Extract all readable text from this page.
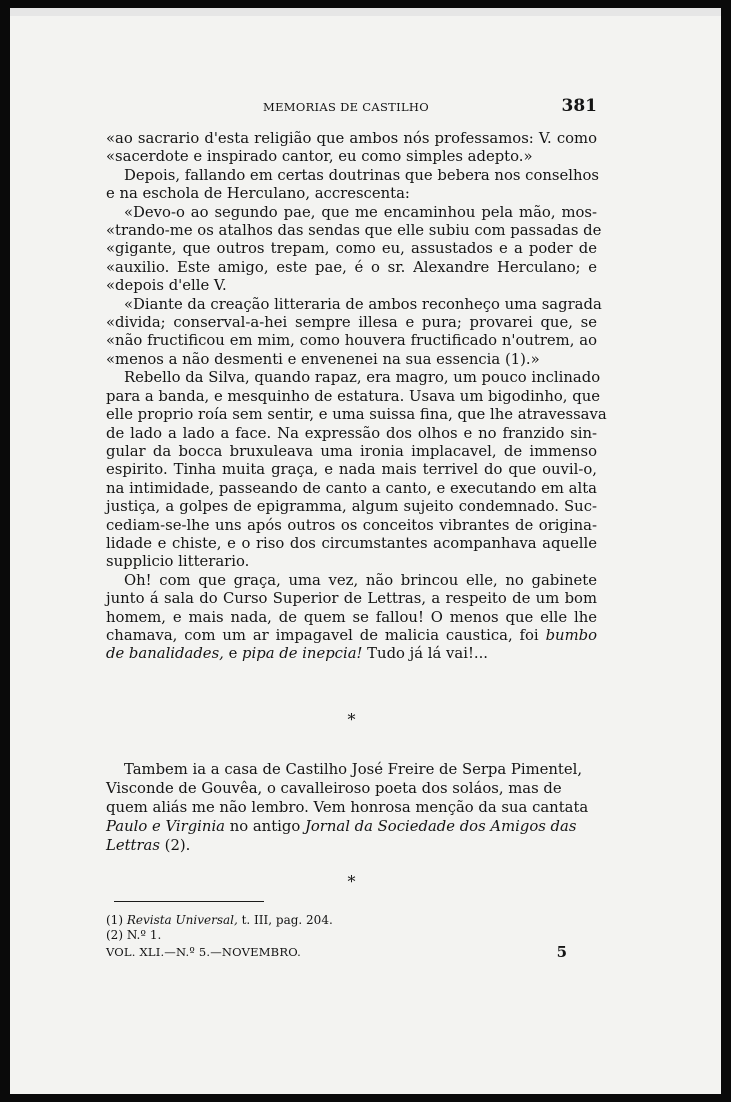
MEMORIAS DE CASTILHO	381
«ao sacrario d'esta religião que ambos nós professamos: V. como
«sacerdote e inspirado cantor, eu como simples adepto.»
Depois, fallando em certas doutrinas que bebera nos conselhos
e na eschola de Herculano, accrescenta:
«Devo-o ao segundo pae, que me encaminhou pela mão, mos-
«trando-me os atalhos das sendas que elle subiu com passadas de
«gigante, que outros trepam, como eu, assustados e a poder de
«auxilio. Este amigo, este pae, é o sr. Alexandre Herculano; e
«depois d'elle V.
«Diante da creação litteraria de ambos reconheço uma sagrada
«divida; conserval-a-hei sempre illesa e pura; provarei que, se
«não fructificou em mim, como houvera fructificado n'outrem, ao
«menos a não desmenti e envenenei na sua essencia (1).»
Rebello da Silva, quando rapaz, era magro, um pouco inclinado
para a banda, e mesquinho de estatura. Usava um bigodinho, que
elle proprio roía sem sentir, e uma suissa fina, que lhe atravessava
de lado a lado a face. Na expressão dos olhos e no franzido sin-
gular da bocca bruxuleava uma ironia implacavel, de immenso
espirito. Tinha muita graça, e nada mais terrivel do que ouvil-o,
na intimidade, passeando de canto a canto, e executando em alta
justiça, a golpes de epigramma, algum sujeito condemnado. Suc-
cediam-se-lhe uns após outros os conceitos vibrantes de origina-
lidade e chiste, e o riso dos circumstantes acompanhava aquelle
supplicio litterario.
Oh! com que graça, uma vez, não brincou elle, no gabinete
junto á sala do Curso Superior de Lettras, a respeito de um bom
homem, e mais nada, de quem se fallou! O menos que elle lhe
chamava, com um ar impagavel de malicia caustica, foi bumbo
de banalidades, e pipa de inepcia! Tudo já lá vai!...
*
*
Tambem ia a casa de Castilho José Freire de Serpa Pimentel, Visconde de Gouvêa, o cavalleiroso poeta dos soláos, mas de quem aliás me não lembro. Vem honrosa menção da sua cantata Paulo e Virginia no antigo Jornal da Sociedade dos Amigos das Lettras (2).
(1) Revista Universal, t. III, pag. 204.
(2) N.º 1.
VOL. XLI.—N.º 5.—NOVEMBRO.	5
